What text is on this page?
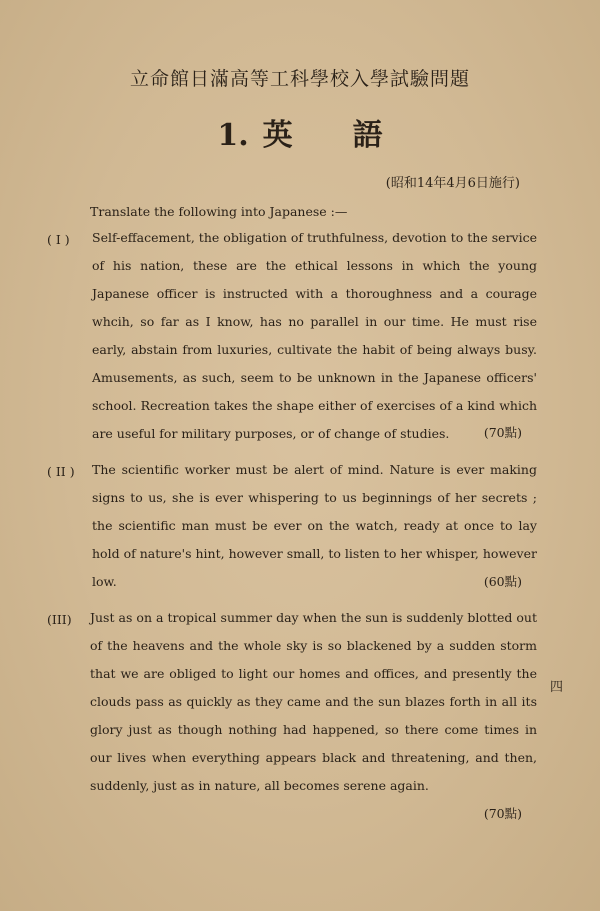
立命館日滿高等工科學校入學試驗問題
1. 英 語
(昭和14年4月6日施行)
Translate the following into Japanese :—
( I ) Self-effacement, the obligation of truthfulness, devotion to the service of his nation, these are the ethical lessons in which the young Japanese officer is instructed with a thoroughness and a courage whcih, so far as I know, has no parallel in our time. He must rise early, abstain from luxuries, cultivate the habit of being always busy. Amusements, as such, seem to be unknown in the Japanese officers' school. Recreation takes the shape either of exercises of a kind which are useful for military purposes, or of change of studies.	(70點)
( II ) The scientific worker must be alert of mind. Nature is ever making signs to us, she is ever whispering to us beginnings of her secrets ; the scientific man must be ever on the watch, ready at once to lay hold of nature's hint, however small, to listen to her whisper, however low.	(60點)
(III) Just as on a tropical summer day when the sun is suddenly blotted out of the heavens and the whole sky is so blackened by a sudden storm that we are obliged to light our homes and offices, and presently the clouds pass as quickly as they came and the sun blazes forth in all its glory just as though nothing had happened, so there come times in our lives when everything appears black and threatening, and then, suddenly, just as in nature, all becomes serene again.

(70點)
四
